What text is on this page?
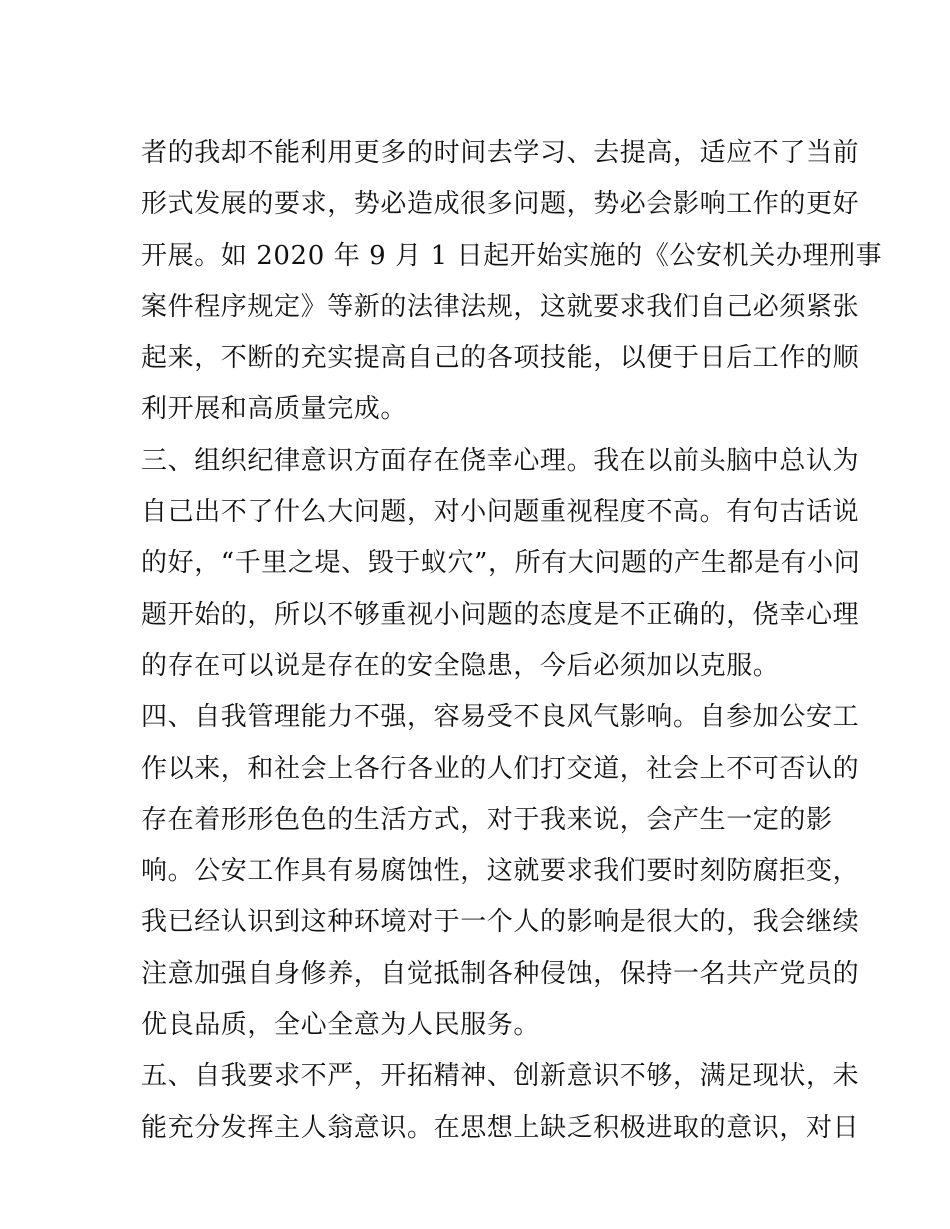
者的我却不能利用更多的时间去学习、去提高，适应不了当前
形式发展的要求，势必造成很多问题，势必会影响工作的更好
开展。如 2020 年 9 月 1 日起开始实施的《公安机关办理刑事
案件程序规定》等新的法律法规，这就要求我们自己必须紧张
起来，不断的充实提高自己的各项技能，以便于日后工作的顺
利开展和高质量完成。
三、组织纪律意识方面存在侥幸心理。我在以前头脑中总认为
自己出不了什么大问题，对小问题重视程度不高。有句古话说
的好，“千里之堤、毁于蚁穴”，所有大问题的产生都是有小问
题开始的，所以不够重视小问题的态度是不正确的，侥幸心理
的存在可以说是存在的安全隐患，今后必须加以克服。
四、自我管理能力不强，容易受不良风气影响。自参加公安工
作以来，和社会上各行各业的人们打交道，社会上不可否认的
存在着形形色色的生活方式，对于我来说，会产生一定的影
响。公安工作具有易腐蚀性，这就要求我们要时刻防腐拒变，
我已经认识到这种环境对于一个人的影响是很大的，我会继续
注意加强自身修养，自觉抵制各种侵蚀，保持一名共产党员的
优良品质，全心全意为人民服务。
五、自我要求不严，开拓精神、创新意识不够，满足现状，未
能充分发挥主人翁意识。在思想上缺乏积极进取的意识，对日
